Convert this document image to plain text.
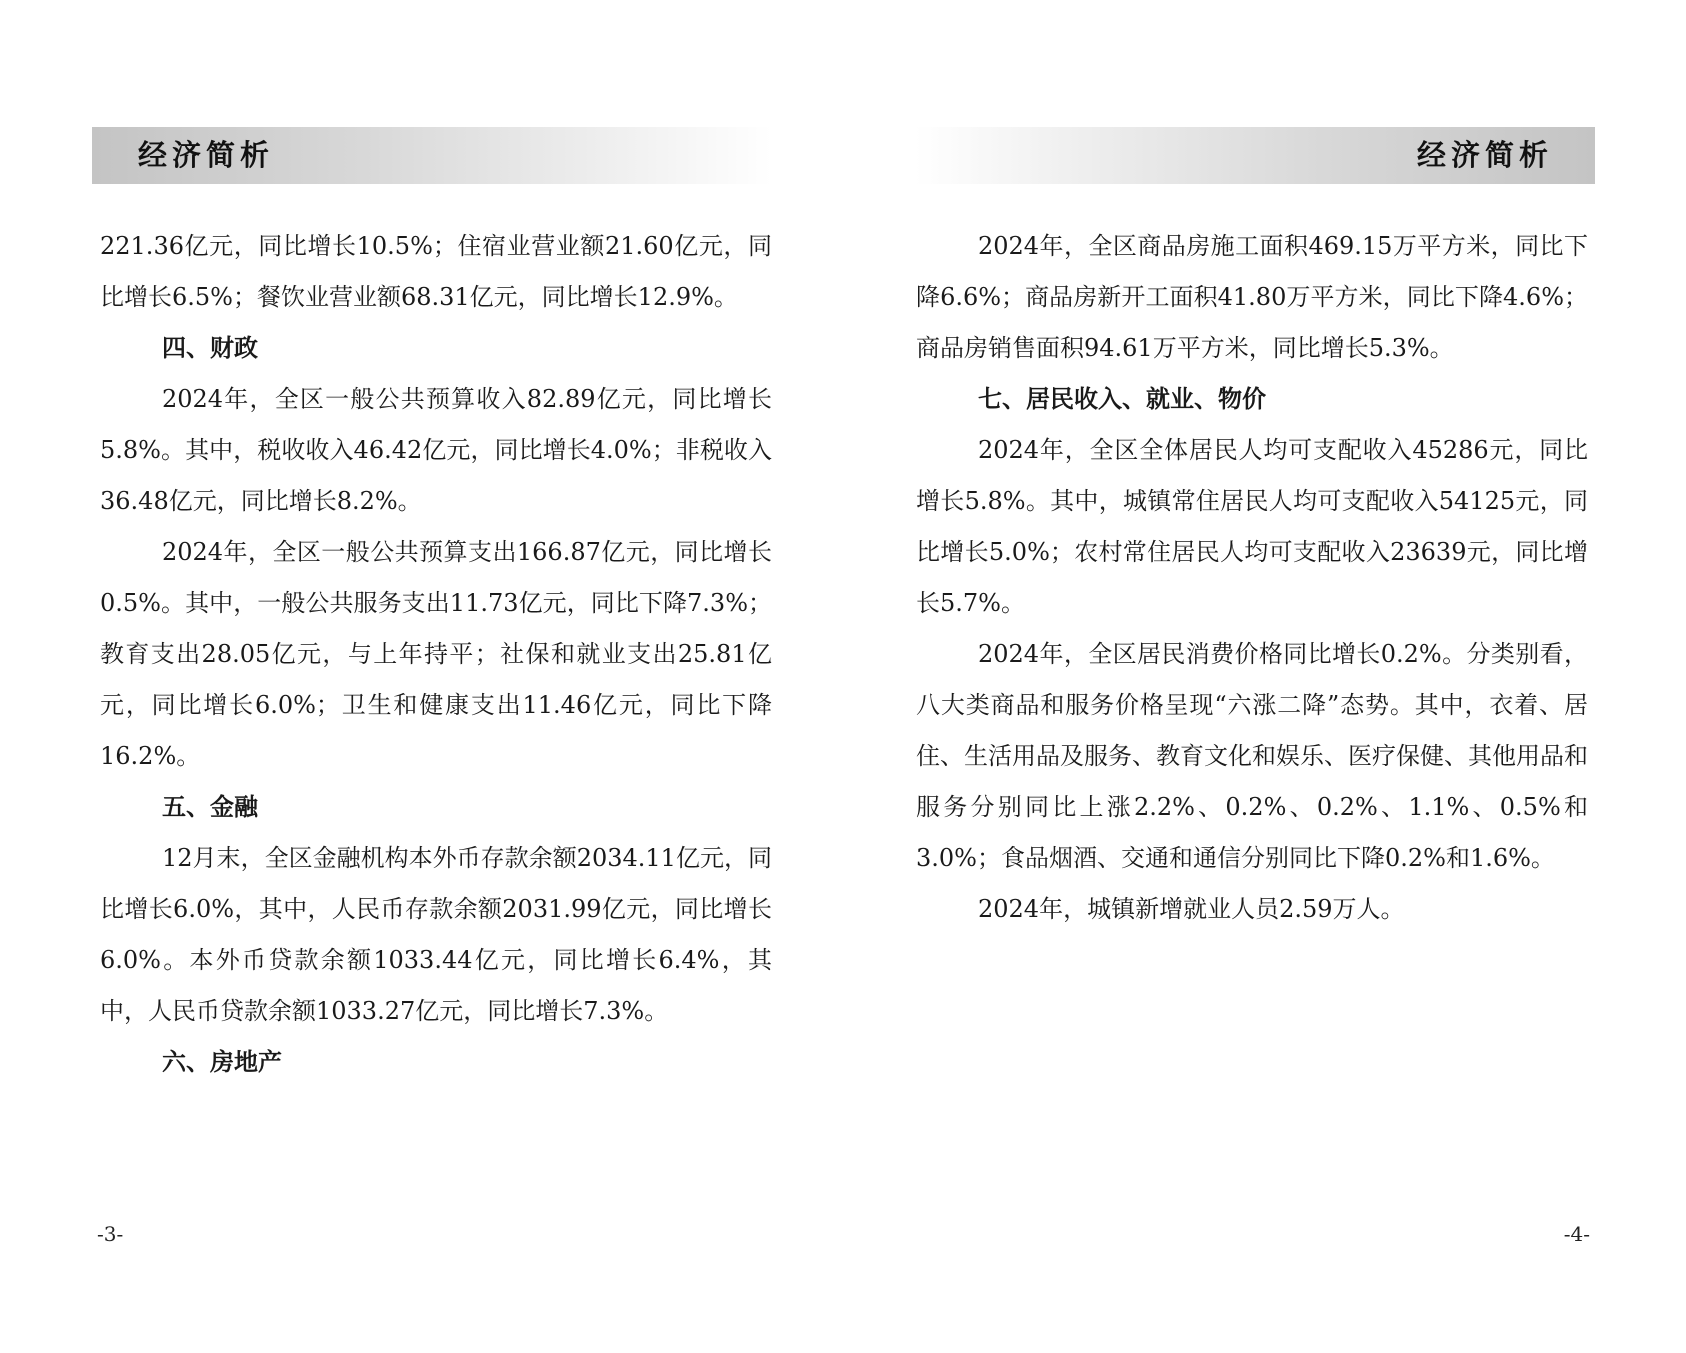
经济简析

221.36亿元，同比增长10.5%；住宿业营业额21.60亿元，同比增长6.5%；餐饮业营业额68.31亿元，同比增长12.9%。

四、财政

2024年，全区一般公共预算收入82.89亿元，同比增长5.8%。其中，税收收入46.42亿元，同比增长4.0%；非税收入36.48亿元，同比增长8.2%。

2024年，全区一般公共预算支出166.87亿元，同比增长0.5%。其中，一般公共服务支出11.73亿元，同比下降7.3%；教育支出28.05亿元，与上年持平；社保和就业支出25.81亿元，同比增长6.0%；卫生和健康支出11.46亿元，同比下降16.2%。

五、金融

12月末，全区金融机构本外币存款余额2034.11亿元，同比增长6.0%，其中，人民币存款余额2031.99亿元，同比增长6.0%。本外币贷款余额1033.44亿元，同比增长6.4%，其中，人民币贷款余额1033.27亿元，同比增长7.3%。

六、房地产

-3-
经济简析

2024年，全区商品房施工面积469.15万平方米，同比下降6.6%；商品房新开工面积41.80万平方米，同比下降4.6%；商品房销售面积94.61万平方米，同比增长5.3%。

七、居民收入、就业、物价

2024年，全区全体居民人均可支配收入45286元，同比增长5.8%。其中，城镇常住居民人均可支配收入54125元，同比增长5.0%；农村常住居民人均可支配收入23639元，同比增长5.7%。

2024年，全区居民消费价格同比增长0.2%。分类别看，八大类商品和服务价格呈现“六涨二降”态势。其中，衣着、居住、生活用品及服务、教育文化和娱乐、医疗保健、其他用品和服务分别同比上涨2.2%、0.2%、0.2%、1.1%、0.5%和3.0%；食品烟酒、交通和通信分别同比下降0.2%和1.6%。

2024年，城镇新增就业人员2.59万人。

-4-
